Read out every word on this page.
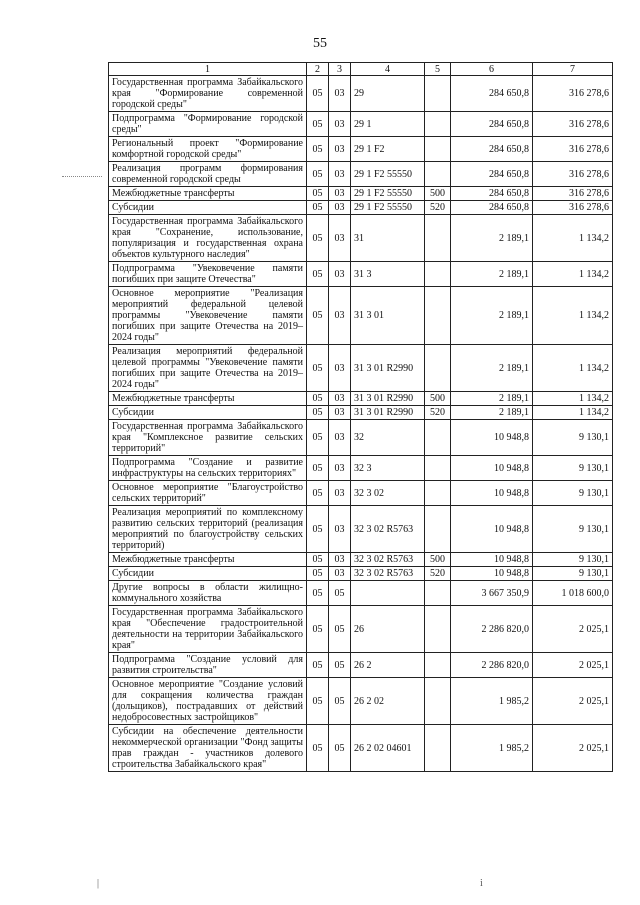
55
|	i
1	2	3	4	5	6	7
Государственная программа Забайкальского края "Формирование современной городской среды"	05	03	29		284 650,8	316 278,6
Подпрограмма "Формирование городской среды"	05	03	29 1		284 650,8	316 278,6
Региональный проект "Формирование комфортной городской среды"	05	03	29 1 F2		284 650,8	316 278,6
Реализация программ формирования современной городской среды	05	03	29 1 F2 55550		284 650,8	316 278,6
Межбюджетные трансферты	05	03	29 1 F2 55550	500	284 650,8	316 278,6
Субсидии	05	03	29 1 F2 55550	520	284 650,8	316 278,6
Государственная программа Забайкальского края "Сохранение, использование, популяризация и государственная охрана объектов культурного наследия"	05	03	31		2 189,1	1 134,2
Подпрограмма "Увековечение памяти погибших при защите Отечества"	05	03	31 3		2 189,1	1 134,2
Основное мероприятие "Реализация мероприятий федеральной целевой программы "Увековечение памяти погибших при защите Отечества на 2019–2024 годы"	05	03	31 3 01		2 189,1	1 134,2
Реализация мероприятий федеральной целевой программы "Увековечение памяти погибших при защите Отечества на 2019–2024 годы"	05	03	31 3 01 R2990		2 189,1	1 134,2
Межбюджетные трансферты	05	03	31 3 01 R2990	500	2 189,1	1 134,2
Субсидии	05	03	31 3 01 R2990	520	2 189,1	1 134,2
Государственная программа Забайкальского края "Комплексное развитие сельских территорий"	05	03	32		10 948,8	9 130,1
Подпрограмма "Создание и развитие инфраструктуры на сельских территориях"	05	03	32 3		10 948,8	9 130,1
Основное мероприятие "Благоустройство сельских территорий"	05	03	32 3 02		10 948,8	9 130,1
Реализация мероприятий по комплексному развитию сельских территорий (реализация мероприятий по благоустройству сельских территорий)	05	03	32 3 02 R5763		10 948,8	9 130,1
Межбюджетные трансферты	05	03	32 3 02 R5763	500	10 948,8	9 130,1
Субсидии	05	03	32 3 02 R5763	520	10 948,8	9 130,1
Другие вопросы в области жилищно-коммунального хозяйства	05	05			3 667 350,9	1 018 600,0
Государственная программа Забайкальского края "Обеспечение градостроительной деятельности на территории Забайкальского края"	05	05	26		2 286 820,0	2 025,1
Подпрограмма "Создание условий для развития строительства"	05	05	26 2		2 286 820,0	2 025,1
Основное мероприятие "Создание условий для сокращения количества граждан (дольщиков), пострадавших от действий недобросовестных застройщиков"	05	05	26 2 02		1 985,2	2 025,1
Субсидии на обеспечение деятельности некоммерческой организации "Фонд защиты прав граждан - участников долевого строительства Забайкальского края"	05	05	26 2 02 04601		1 985,2	2 025,1
